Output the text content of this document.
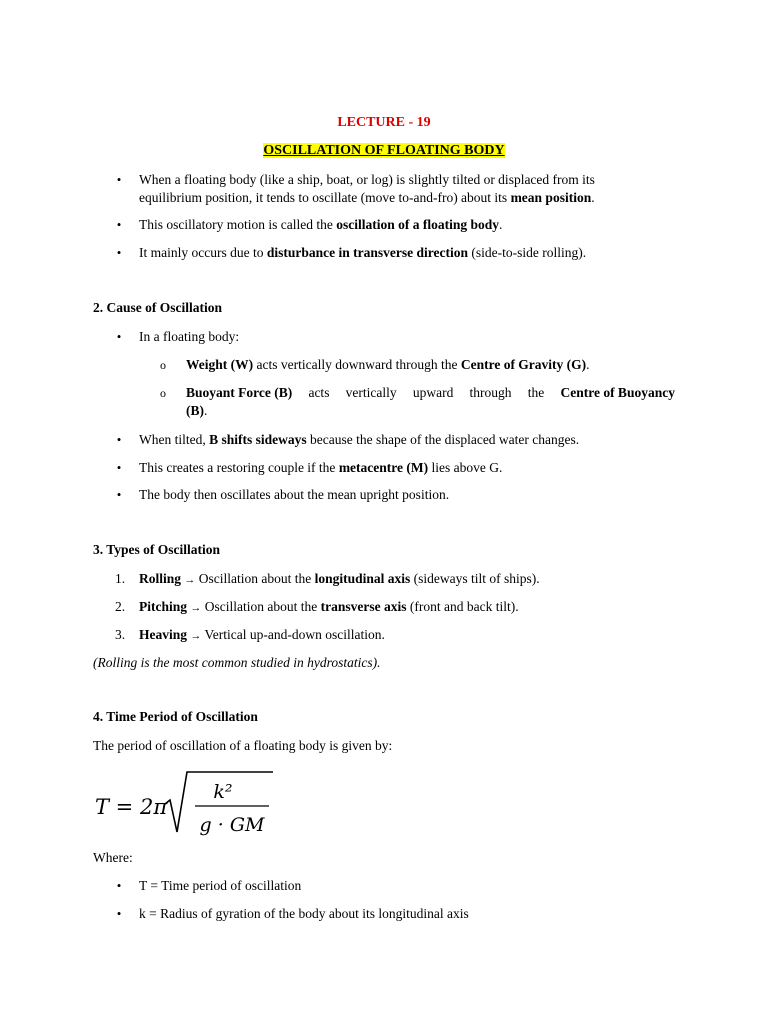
LECTURE - 19
OSCILLATION OF FLOATING BODY
•
When a floating body (like a ship, boat, or log) is slightly tilted or displaced from its
equilibrium position, it tends to oscillate (move to-and-fro) about its mean position.
•
This oscillatory motion is called the oscillation of a floating body.
•
It mainly occurs due to disturbance in transverse direction (side-to-side rolling).
2. Cause of Oscillation
•
In a floating body:
o Weight (W) acts vertically downward through the Centre of Gravity (G).
o Buoyant Force (B) acts vertically upward through the Centre of Buoyancy
(B).
•
When tilted, B shifts sideways because the shape of the displaced water changes.
•
This creates a restoring couple if the metacentre (M) lies above G.
•
The body then oscillates about the mean upright position.
3. Types of Oscillation
1. Rolling → Oscillation about the longitudinal axis (sideways tilt of ships).
2. Pitching → Oscillation about the transverse axis (front and back tilt).
3. Heaving → Vertical up-and-down oscillation.
(Rolling is the most common studied in hydrostatics).
4. Time Period of Oscillation
The period of oscillation of a floating body is given by:
T = 2π
k²
g · GM
Where:
•
T = Time period of oscillation
•
k = Radius of gyration of the body about its longitudinal axis
